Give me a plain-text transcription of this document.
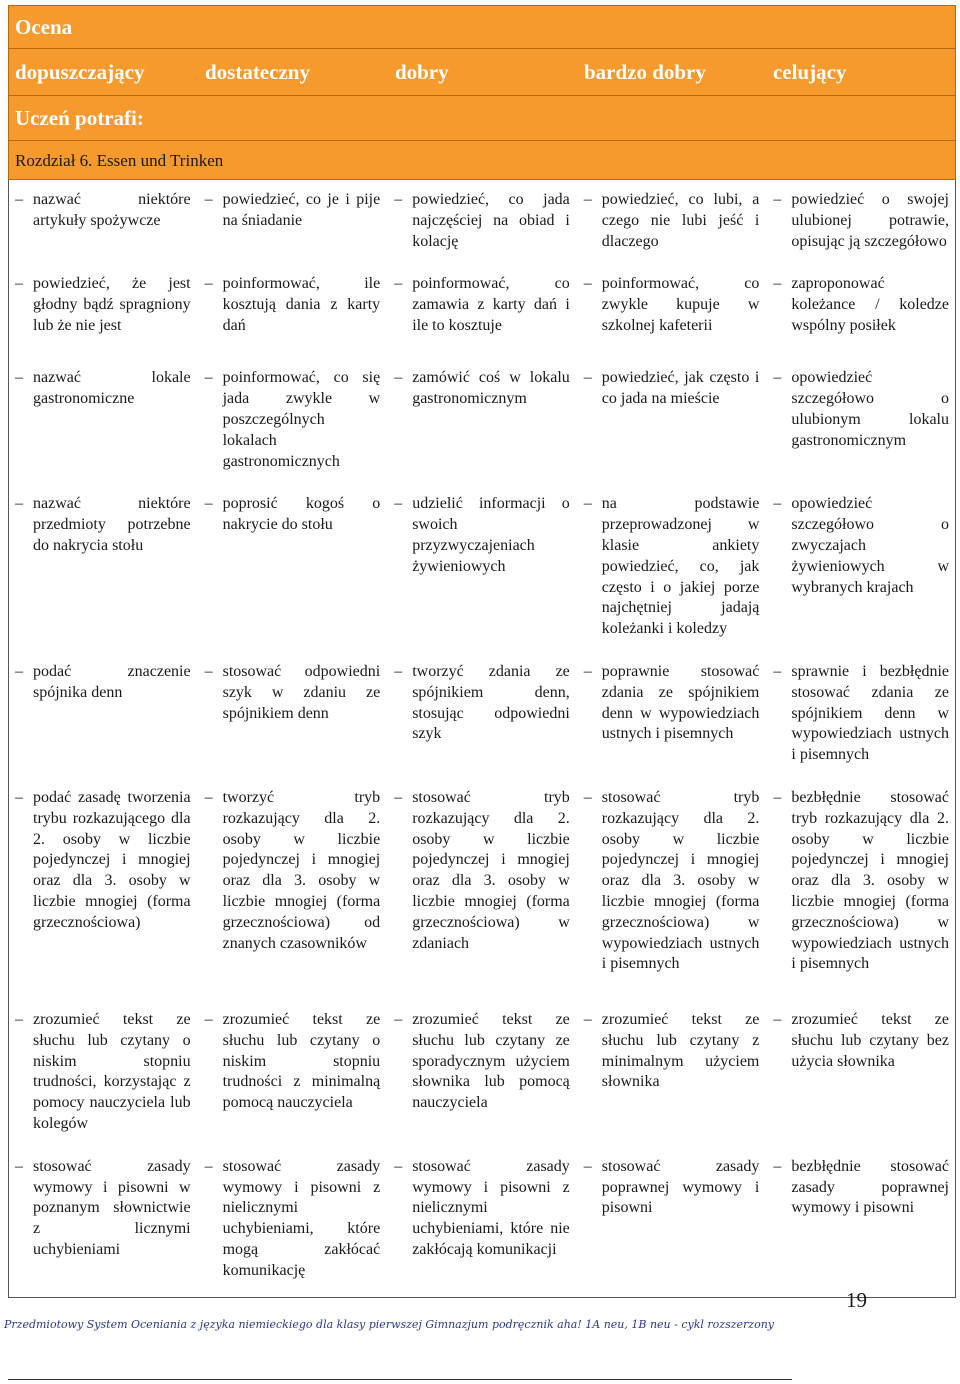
Ocena
dopuszczający	dostateczny	dobry	bardzo dobry	celujący
Uczeń potrafi:
Rozdział 6. Essen und Trinken
– nazwać niektóre artykuły spożywcze	– powiedzieć, co je i pije na śniadanie	– powiedzieć, co jada najczęściej na obiad i kolację	– powiedzieć, co lubi, a czego nie lubi jeść i dlaczego	– powiedzieć o swojej ulubionej potrawie, opisując ją szczegółowo

– powiedzieć, że jest głodny bądź spragniony lub że nie jest	– poinformować, ile kosztują dania z karty dań	– poinformować, co zamawia z karty dań i ile to kosztuje	– poinformować, co zwykle kupuje w szkolnej kafeterii	– zaproponować koleżance / koledze wspólny posiłek

– nazwać lokale gastronomiczne	– poinformować, co się jada zwykle w poszczególnych lokalach gastronomicznych	– zamówić coś w lokalu gastronomicznym	– powiedzieć, jak często i co jada na mieście	– opowiedzieć szczegółowo o ulubionym lokalu gastronomicznym

– nazwać niektóre przedmioty potrzebne do nakrycia stołu	– poprosić kogoś o nakrycie do stołu	– udzielić informacji o swoich przyzwyczajeniach żywieniowych	– na podstawie przeprowadzonej w klasie ankiety powiedzieć, co, jak często i o jakiej porze najchętniej jadają koleżanki i koledzy	– opowiedzieć szczegółowo o zwyczajach żywieniowych w wybranych krajach

– podać znaczenie spójnika denn	– stosować odpowiedni szyk w zdaniu ze spójnikiem denn	– tworzyć zdania ze spójnikiem denn, stosując odpowiedni szyk	– poprawnie stosować zdania ze spójnikiem denn w wypowiedziach ustnych i pisemnych	– sprawnie i bezbłędnie stosować zdania ze spójnikiem denn w wypowiedziach ustnych i pisemnych

– podać zasadę tworzenia trybu rozkazującego dla 2. osoby w liczbie pojedynczej i mnogiej oraz dla 3. osoby w liczbie mnogiej (forma grzecznościowa)	– tworzyć tryb rozkazujący dla 2. osoby w liczbie pojedynczej i mnogiej oraz dla 3. osoby w liczbie mnogiej (forma grzecznościowa) od znanych czasowników	– stosować tryb rozkazujący dla 2. osoby w liczbie pojedynczej i mnogiej oraz dla 3. osoby w liczbie mnogiej (forma grzecznościowa) w zdaniach	– stosować tryb rozkazujący dla 2. osoby w liczbie pojedynczej i mnogiej oraz dla 3. osoby w liczbie mnogiej (forma grzecznościowa) w wypowiedziach ustnych i pisemnych	– bezbłędnie stosować tryb rozkazujący dla 2. osoby w liczbie pojedynczej i mnogiej oraz dla 3. osoby w liczbie mnogiej (forma grzecznościowa) w wypowiedziach ustnych i pisemnych

– zrozumieć tekst ze słuchu lub czytany o niskim stopniu trudności, korzystając z pomocy nauczyciela lub kolegów	– zrozumieć tekst ze słuchu lub czytany o niskim stopniu trudności z minimalną pomocą nauczyciela	– zrozumieć tekst ze słuchu lub czytany ze sporadycznym użyciem słownika lub pomocą nauczyciela	– zrozumieć tekst ze słuchu lub czytany z minimalnym użyciem słownika	– zrozumieć tekst ze słuchu lub czytany bez użycia słownika

– stosować zasady wymowy i pisowni w poznanym słownictwie z licznymi uchybieniami	– stosować zasady wymowy i pisowni z nielicznymi uchybieniami, które mogą zakłócać komunikację	– stosować zasady wymowy i pisowni z nielicznymi uchybieniami, które nie zakłócają komunikacji	– stosować zasady poprawnej wymowy i pisowni	– bezbłędnie stosować zasady poprawnej wymowy i pisowni
19
Przedmiotowy System Oceniania z języka niemieckiego dla klasy pierwszej Gimnazjum podręcznik aha! 1A neu, 1B neu - cykl rozszerzony
